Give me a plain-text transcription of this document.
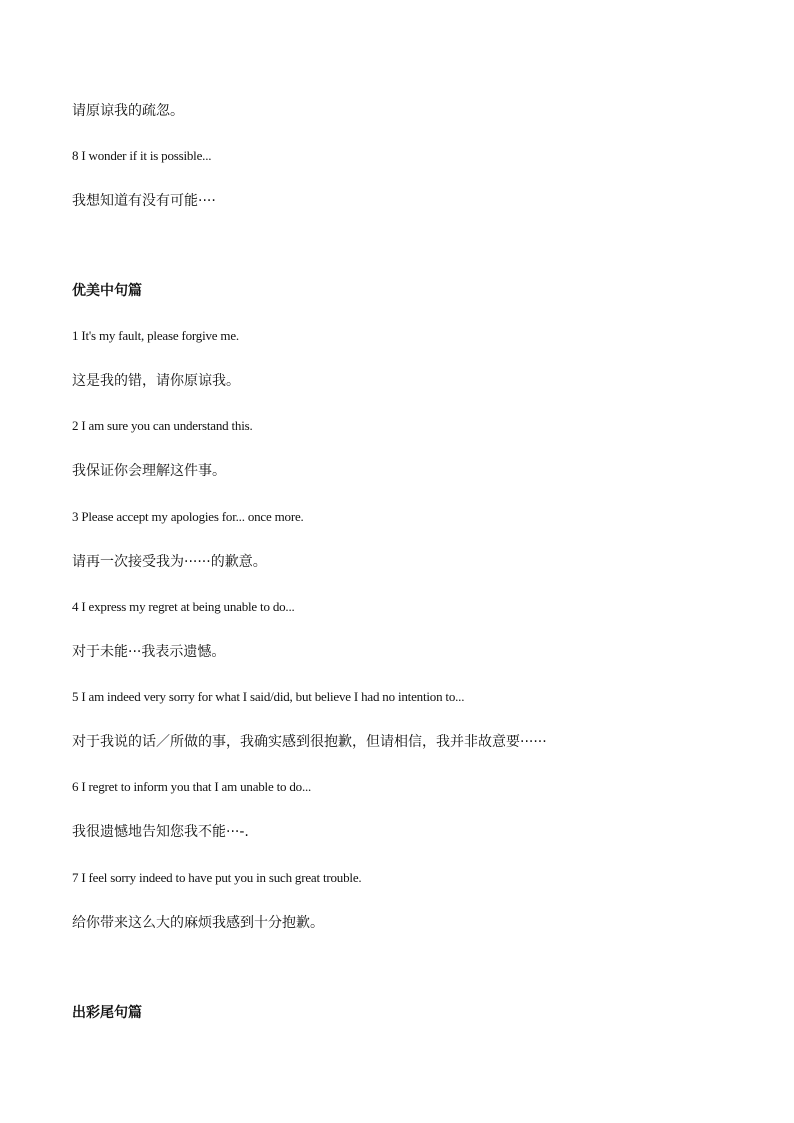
请原谅我的疏忽。
8 I wonder if it is possible...
我想知道有没有可能····
优美中句篇
1 It's my fault, please forgive me.
这是我的错，请你原谅我。
2 I am sure you can understand this.
我保证你会理解这件事。
3 Please accept my apologies for... once more.
请再一次接受我为······的歉意。
4 I express my regret at being unable to do...
对于未能···我表示遗憾。
5 I am indeed very sorry for what I said/did, but believe I had no intention to...
对于我说的话／所做的事，我确实感到很抱歉，但请相信，我并非故意要······
6 I regret to inform you that I am unable to do...
我很遗憾地告知您我不能···-.
7 I feel sorry indeed to have put you in such great trouble.
给你带来这么大的麻烦我感到十分抱歉。
出彩尾句篇
